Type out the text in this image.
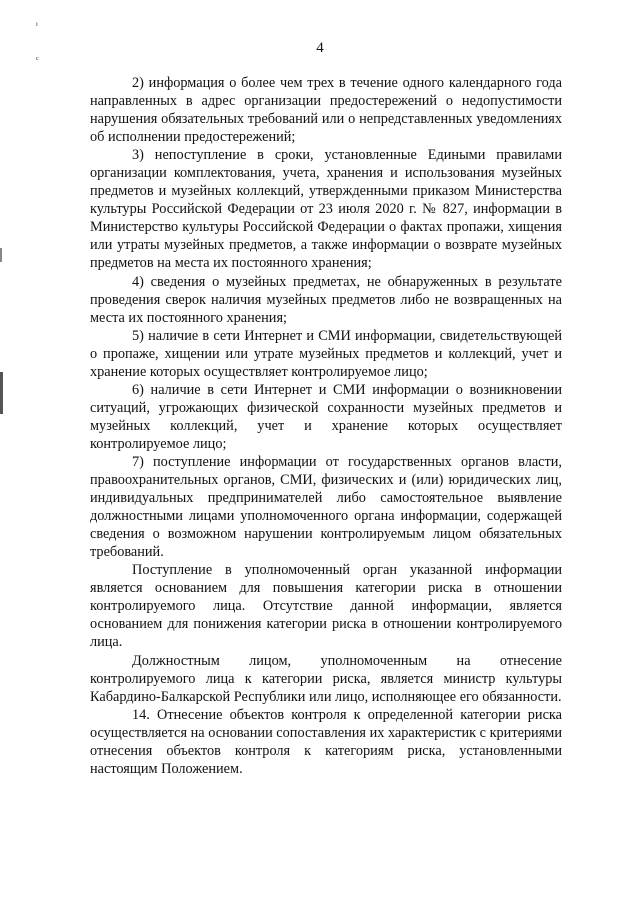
ᵢ
ᶜ
4

2) информация о более чем трех в течение одного календарного года направленных в адрес организации предостережений о недопустимости нарушения обязательных требований или о непредставленных уведомлениях об исполнении предостережений;

3) непоступление в сроки, установленные Едиными правилами организации комплектования, учета, хранения и использования музейных предметов и музейных коллекций, утвержденными приказом Министерства культуры Российской Федерации от 23 июля 2020 г. № 827, информации в Министерство культуры Российской Федерации о фактах пропажи, хищения или утраты музейных предметов, а также информации о возврате музейных предметов на места их постоянного хранения;

4) сведения о музейных предметах, не обнаруженных в результате проведения сверок наличия музейных предметов либо не возвращенных на места их постоянного хранения;

5) наличие в сети Интернет и СМИ информации, свидетельствующей о пропаже, хищении или утрате музейных предметов и коллекций, учет и хранение которых осуществляет контролируемое лицо;

6) наличие в сети Интернет и СМИ информации о возникновении ситуаций, угрожающих физической сохранности музейных предметов и музейных коллекций, учет и хранение которых осуществляет контролируемое лицо;

7) поступление информации от государственных органов власти, правоохранительных органов, СМИ, физических и (или) юридических лиц, индивидуальных предпринимателей либо самостоятельное выявление должностными лицами уполномоченного органа информации, содержащей сведения о возможном нарушении контролируемым лицом обязательных требований.

Поступление в уполномоченный орган указанной информации является основанием для повышения категории риска в отношении контролируемого лица. Отсутствие данной информации, является основанием для понижения категории риска в отношении контролируемого лица.

Должностным лицом, уполномоченным на отнесение контролируемого лица к категории риска, является министр культуры Кабардино-Балкарской Республики или лицо, исполняющее его обязанности.

14. Отнесение объектов контроля к определенной категории риска осуществляется на основании сопоставления их характеристик с критериями отнесения объектов контроля к категориям риска, установленными настоящим Положением.
